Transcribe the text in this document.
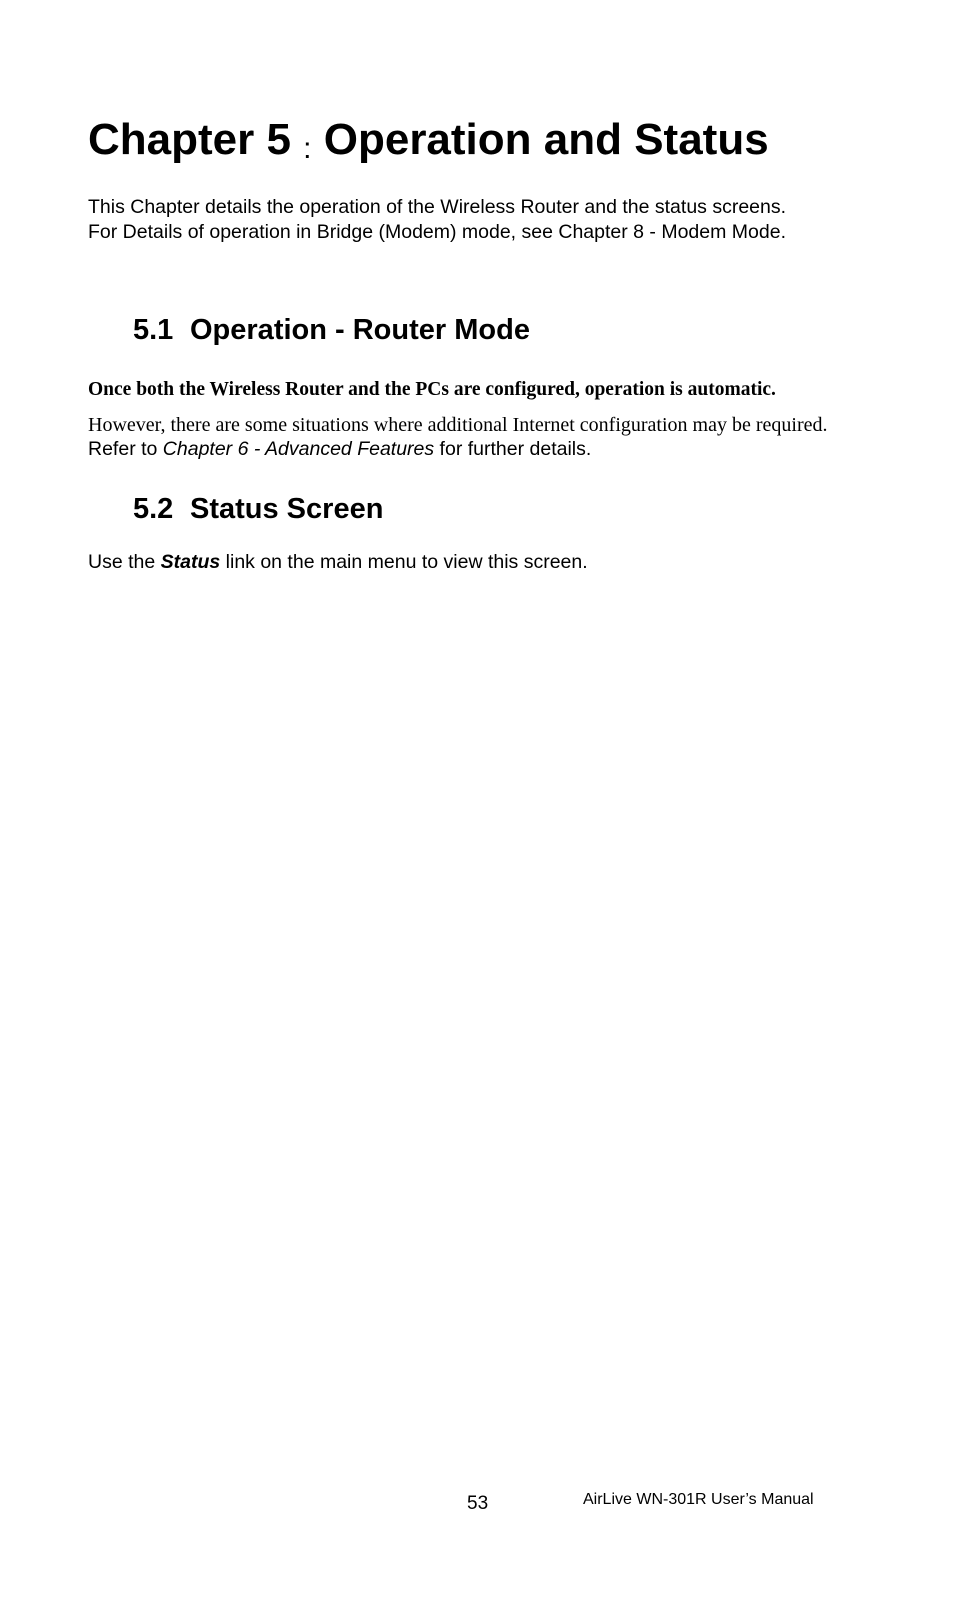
Chapter 5 : Operation and Status

This Chapter details the operation of the Wireless Router and the status screens. For Details of operation in Bridge (Modem) mode, see Chapter 8 - Modem Mode.

5.1 Operation - Router Mode

Once both the Wireless Router and the PCs are configured, operation is automatic.

However, there are some situations where additional Internet configuration may be required.
Refer to Chapter 6 - Advanced Features for further details.

5.2 Status Screen

Use the Status link on the main menu to view this screen.

53	AirLive WN-301R User’s Manual
